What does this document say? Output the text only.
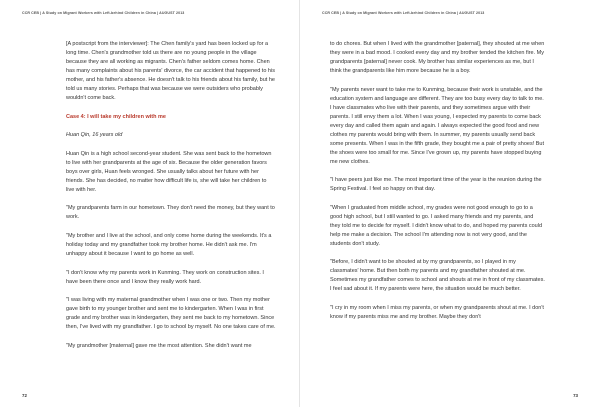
CCR CEB | A Study on Migrant Workers with Left-behind Children in China | AUGUST 2013

[A postscript from the interviewer]: The Chen family's yard has been locked up for a long time. Chen's grandmother told us there are no young people in the village because they are all working as migrants. Chen's father seldom comes home. Chen has many complaints about his parents' divorce, the car accident that happened to his mother, and his father's absence. He doesn't talk to his friends about his family, but he told us many stories. Perhaps that was because we were outsiders who probably wouldn't come back.

Case 4: I will take my children with me

Huan Qin, 16 years old

Huan Qin is a high school second-year student. She was sent back to the hometown to live with her grandparents at the age of six. Because the older generation favors boys over girls, Huan feels wronged. She usually talks about her future with her friends. She has decided, no matter how difficult life is, she will take her children to live with her.

"My grandparents farm in our hometown. They don't need the money, but they want to work.

"My brother and I live at the school, and only come home during the weekends. It's a holiday today and my grandfather took my brother home. He didn't ask me. I'm unhappy about it because I want to go home as well.

"I don't know why my parents work in Kunming. They work on construction sites. I have been there once and I know they really work hard.

"I was living with my maternal grandmother when I was one or two. Then my mother gave birth to my younger brother and sent me to kindergarten. When I was in first grade and my brother was in kindergarten, they sent me back to my hometown. Since then, I've lived with my grandfather. I go to school by myself. No one takes care of me.

"My grandmother [maternal] gave me the most attention. She didn't want me

72
CCR CEB | A Study on Migrant Workers with Left-behind Children in China | AUGUST 2013

to do chores. But when I lived with the grandmother [paternal], they shouted at me when they were in a bad mood. I cooked every day and my brother tended the kitchen fire. My grandparents [paternal] never cook. My brother has similar experiences as me, but I think the grandparents like him more because he is a boy.

"My parents never want to take me to Kunming, because their work is unstable, and the education system and language are different. They are too busy every day to talk to me. I have classmates who live with their parents, and they sometimes argue with their parents. I still envy them a lot. When I was young, I expected my parents to come back every day and called them again and again. I always expected the good food and new clothes my parents would bring with them. In summer, my parents usually send back some presents. When I was in the fifth grade, they bought me a pair of pretty shoes! But the shoes were too small for me. Since I've grown up, my parents have stopped buying me new clothes.

"I have peers just like me. The most important time of the year is the reunion during the Spring Festival. I feel so happy on that day.

"When I graduated from middle school, my grades were not good enough to go to a good high school, but I still wanted to go. I asked many friends and my parents, and they told me to decide for myself. I didn't know what to do, and hoped my parents could help me make a decision. The school I'm attending now is not very good, and the students don't study.

"Before, I didn't want to be shouted at by my grandparents, so I played in my classmates' home. But then both my parents and my grandfather shouted at me. Sometimes my grandfather comes to school and shouts at me in front of my classmates. I feel sad about it. If my parents were here, the situation would be much better.

"I cry in my room when I miss my parents, or when my grandparents shout at me. I don't know if my parents miss me and my brother. Maybe they don't

73
